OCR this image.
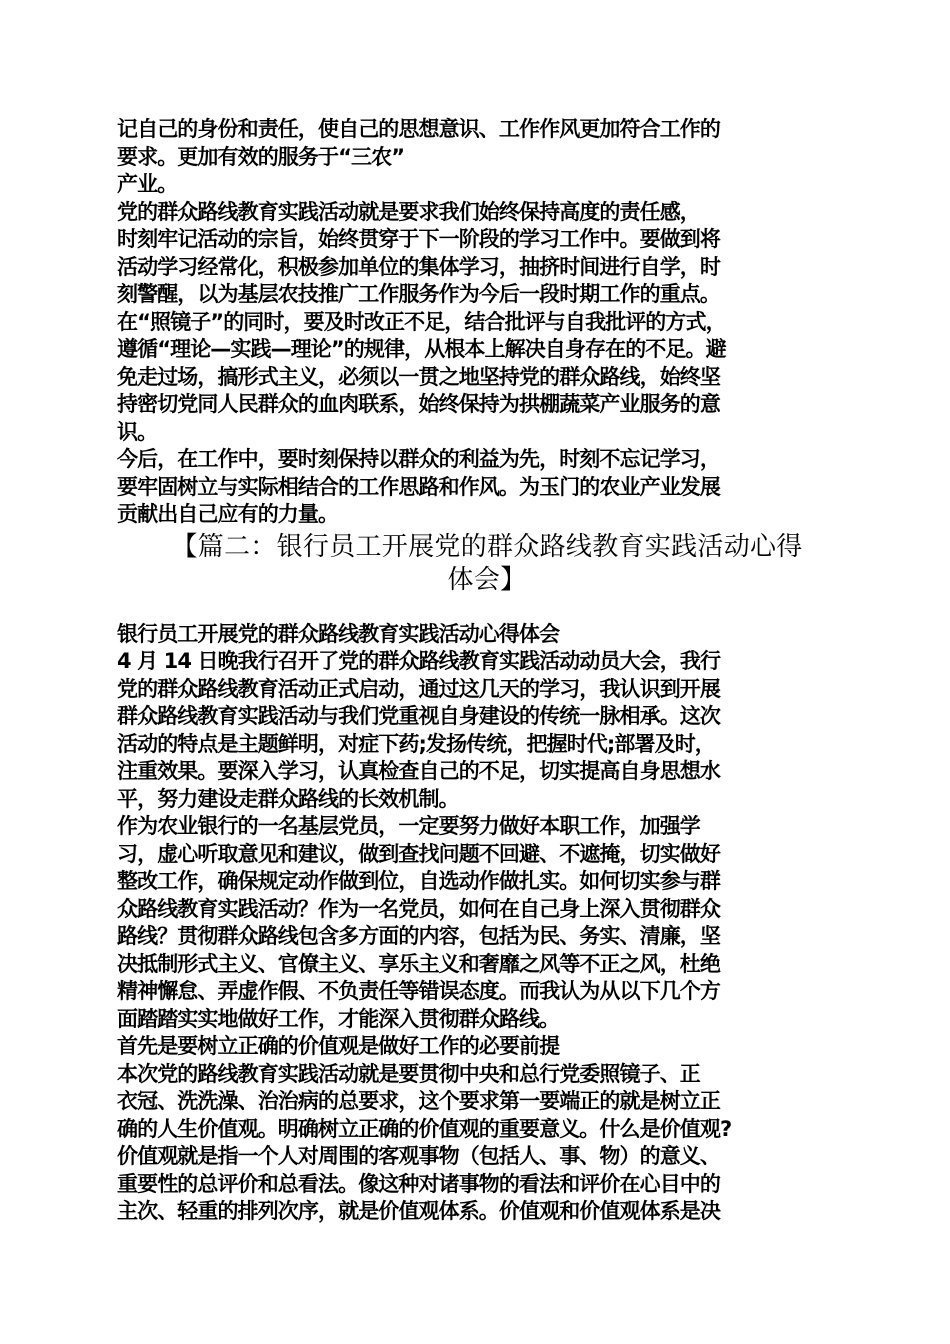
记自己的身份和责任，使自己的思想意识、工作作风更加符合工作的

要求。更加有效的服务于“三农”

产业。

党的群众路线教育实践活动就是要求我们始终保持高度的责任感，

时刻牢记活动的宗旨，始终贯穿于下一阶段的学习工作中。要做到将

活动学习经常化，积极参加单位的集体学习，抽挤时间进行自学，时

刻警醒，以为基层农技推广工作服务作为今后一段时期工作的重点。

在“照镜子”的同时，要及时改正不足，结合批评与自我批评的方式，

遵循“理论—实践—理论”的规律，从根本上解决自身存在的不足。避

免走过场，搞形式主义，必须以一贯之地坚持党的群众路线，始终坚

持密切党同人民群众的血肉联系，始终保持为拱棚蔬菜产业服务的意

识。

今后，在工作中，要时刻保持以群众的利益为先，时刻不忘记学习，

要牢固树立与实际相结合的工作思路和作风。为玉门的农业产业发展

贡献出自己应有的力量。

【篇二：银行员工开展党的群众路线教育实践活动心得

体会】

银行员工开展党的群众路线教育实践活动心得体会

4 月 14 日晚我行召开了党的群众路线教育实践活动动员大会，我行

党的群众路线教育活动正式启动，通过这几天的学习，我认识到开展

群众路线教育实践活动与我们党重视自身建设的传统一脉相承。这次

活动的特点是主题鲜明，对症下药;发扬传统，把握时代;部署及时，

注重效果。要深入学习，认真检查自己的不足，切实提高自身思想水

平，努力建设走群众路线的长效机制。

作为农业银行的一名基层党员，一定要努力做好本职工作，加强学

习，虚心听取意见和建议，做到查找问题不回避、不遮掩，切实做好

整改工作，确保规定动作做到位，自选动作做扎实。如何切实参与群

众路线教育实践活动？作为一名党员，如何在自己身上深入贯彻群众

路线？贯彻群众路线包含多方面的内容，包括为民、务实、清廉，坚

决抵制形式主义、官僚主义、享乐主义和奢靡之风等不正之风，杜绝

精神懈怠、弄虚作假、不负责任等错误态度。而我认为从以下几个方

面踏踏实实地做好工作，才能深入贯彻群众路线。

首先是要树立正确的价值观是做好工作的必要前提

本次党的路线教育实践活动就是要贯彻中央和总行党委照镜子、正

衣冠、洗洗澡、治治病的总要求，这个要求第一要端正的就是树立正

确的人生价值观。明确树立正确的价值观的重要意义。什么是价值观?

价值观就是指一个人对周围的客观事物（包括人、事、物）的意义、

重要性的总评价和总看法。像这种对诸事物的看法和评价在心目中的

主次、轻重的排列次序，就是价值观体系。价值观和价值观体系是决
